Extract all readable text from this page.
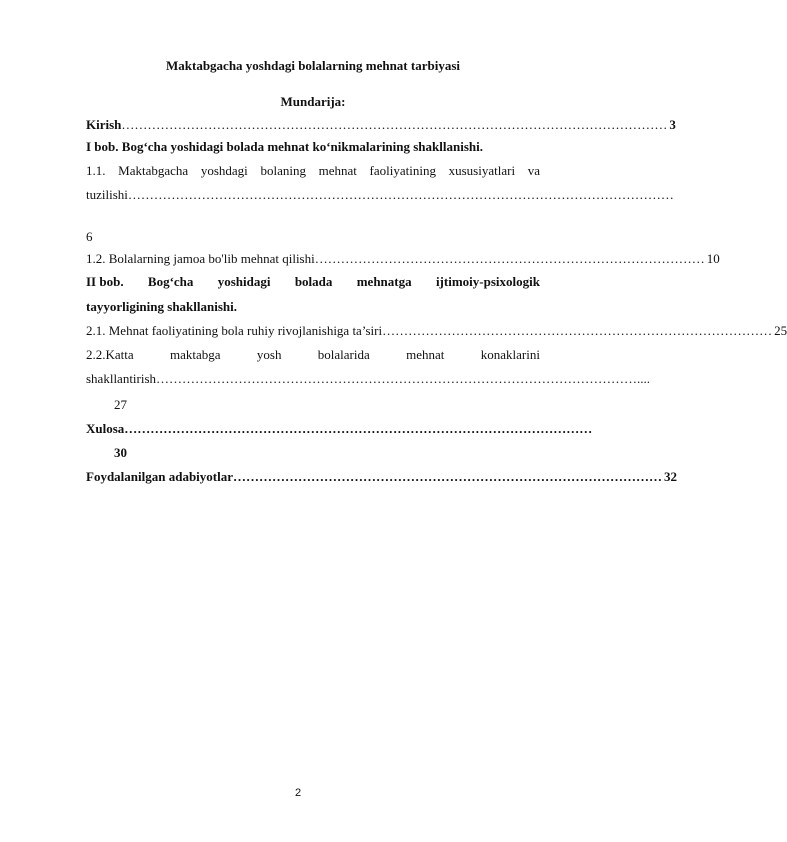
Maktabgacha yoshdagi bolalarning mehnat tarbiyasi
Mundarija:
Kirish ……………………………………………………………………………………………………………… 3
I bob. Bog‘cha yoshidagi bolada mehnat ko‘nikmalarining shakllanishi.
1.1. Maktabgacha yoshdagi bolaning mehnat faoliyatining xususiyatlari va
tuzilishi ………………………………………………………………………………………………………………
6
1.2. Bolalarning jamoa bo'lib mehnat qilishi ……………………………………………………………………………… 10
II bob. Bog‘cha yoshidagi bolada mehnatga ijtimoiy-psixologik
tayyorligining shakllanishi.
2.1. Mehnat faoliyatining bola ruhiy rivojlanishiga ta’siri ……………………………………………………………………………… 25
2.2.Katta	maktabga	yosh	bolalarida	mehnat	konaklarini
shakllantirish ………………………………………………………………………………………………… ....
27
Xulosa ………………………………………………………………………………………………
30
Foydalanilgan adabiyotlar ……………………………………………………………………………………… 32
2
